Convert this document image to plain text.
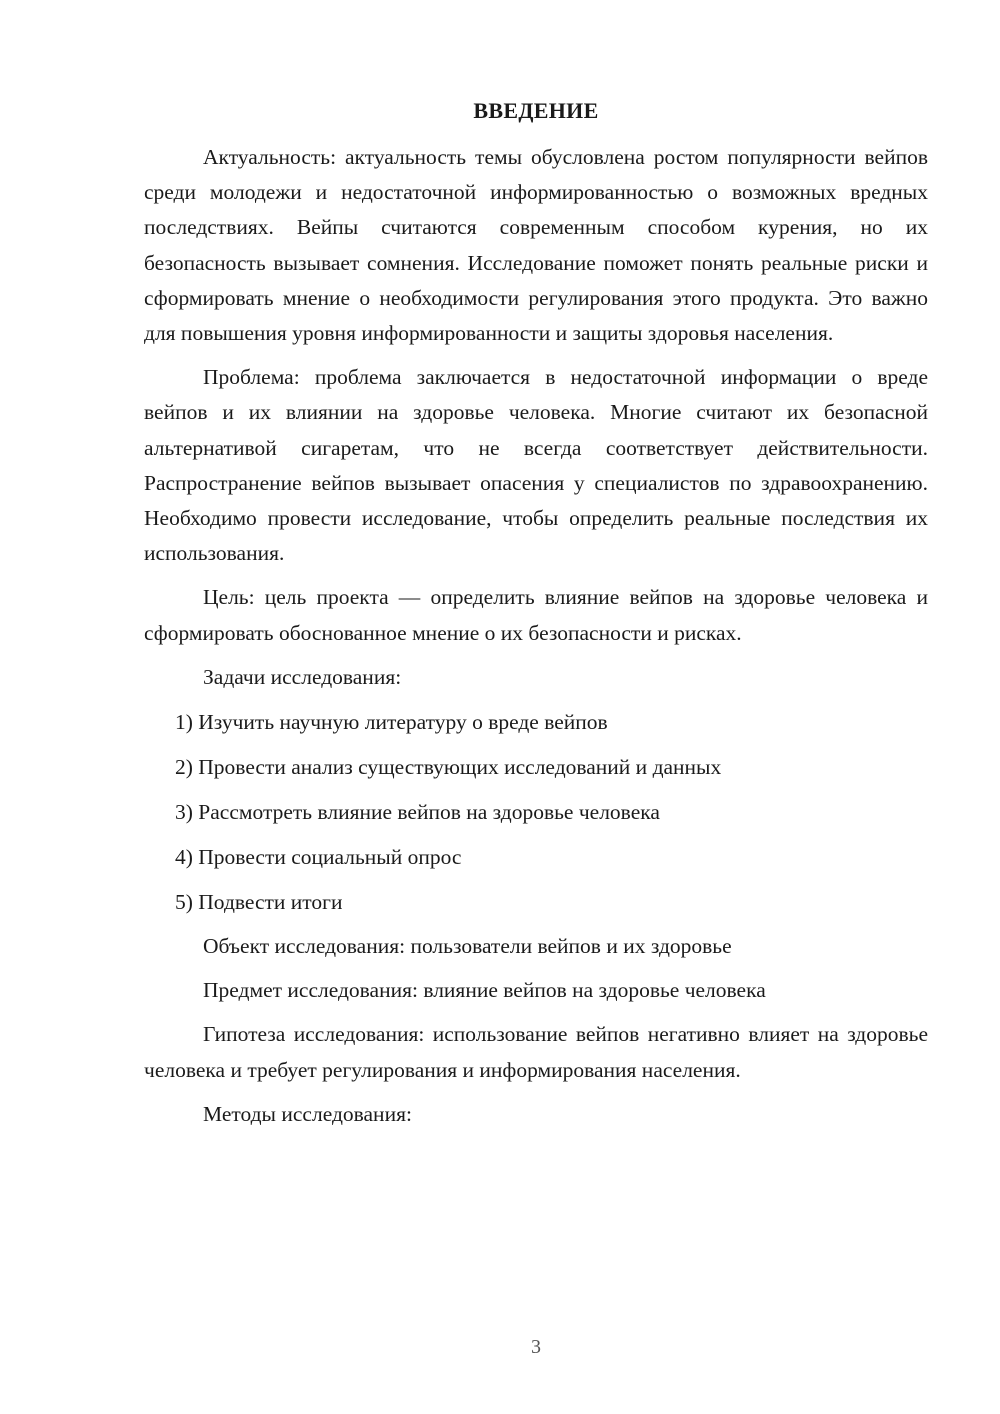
ВВЕДЕНИЕ

Актуальность: актуальность темы обусловлена ростом популярности вейпов среди молодежи и недостаточной информированностью о возможных вредных последствиях. Вейпы считаются современным способом курения, но их безопасность вызывает сомнения. Исследование поможет понять реальные риски и сформировать мнение о необходимости регулирования этого продукта. Это важно для повышения уровня информированности и защиты здоровья населения.

Проблема: проблема заключается в недостаточной информации о вреде вейпов и их влиянии на здоровье человека. Многие считают их безопасной альтернативой сигаретам, что не всегда соответствует действительности. Распространение вейпов вызывает опасения у специалистов по здравоохранению. Необходимо провести исследование, чтобы определить реальные последствия их использования.

Цель: цель проекта — определить влияние вейпов на здоровье человека и сформировать обоснованное мнение о их безопасности и рисках.

Задачи исследования:

1) Изучить научную литературу о вреде вейпов
2) Провести анализ существующих исследований и данных
3) Рассмотреть влияние вейпов на здоровье человека
4) Провести социальный опрос
5) Подвести итоги

Объект исследования: пользователи вейпов и их здоровье

Предмет исследования: влияние вейпов на здоровье человека

Гипотеза исследования: использование вейпов негативно влияет на здоровье человека и требует регулирования и информирования населения.

Методы исследования:

3
